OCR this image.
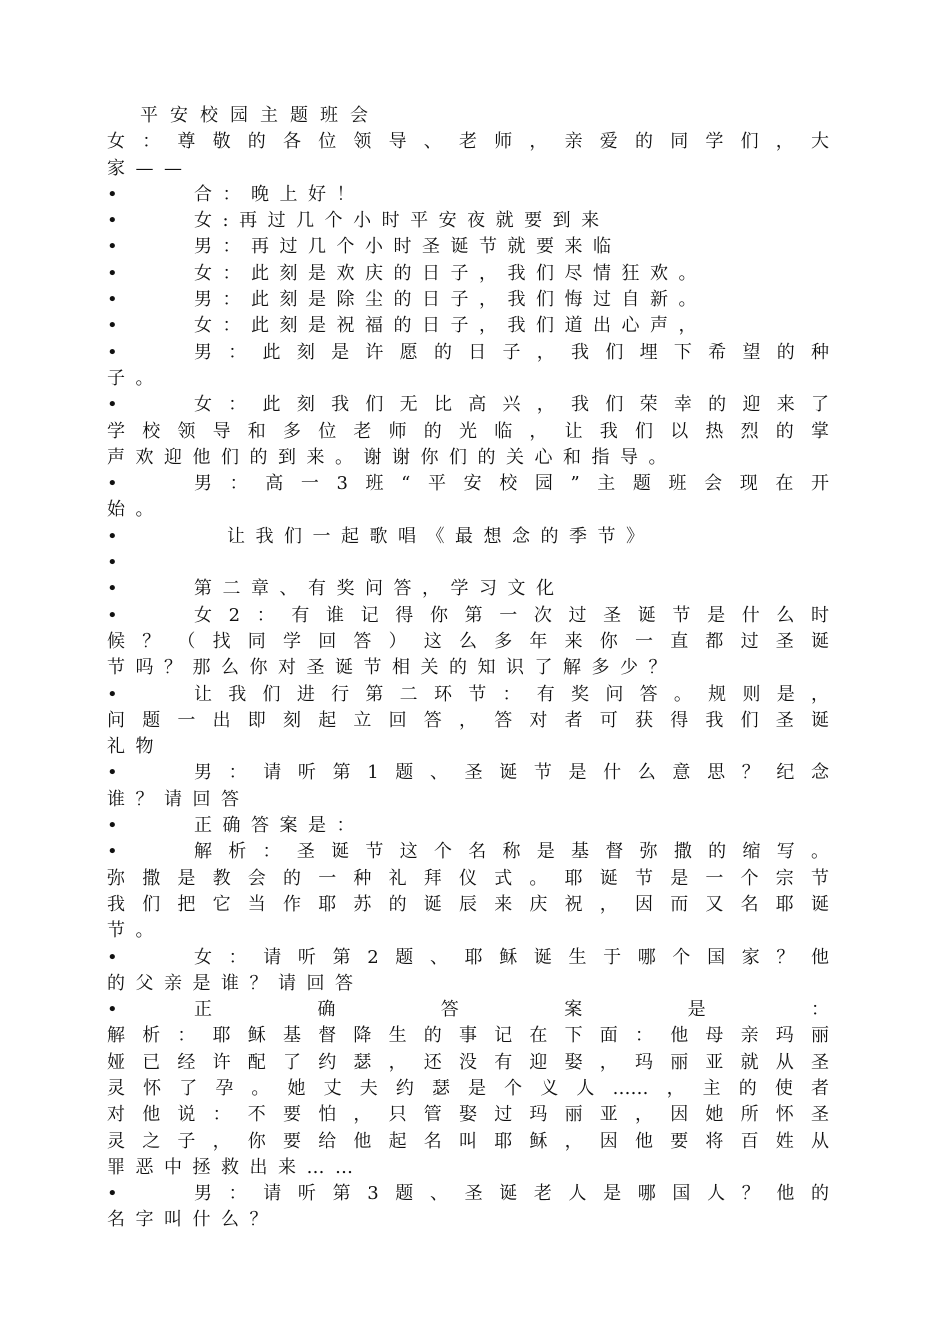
平安校园主题班会
女：尊敬的各位领导、老师，亲爱的同学们，大
家——
•	合：晚上好！
•	女:再过几个小时平安夜就要到来
•	男：再过几个小时圣诞节就要来临
•	女：此刻是欢庆的日子，我们尽情狂欢。
•	男：此刻是除尘的日子，我们悔过自新。
•	女：此刻是祝福的日子，我们道出心声，
•	男：此刻是许愿的日子，我们埋下希望的种
子。
•	女：此刻我们无比高兴，我们荣幸的迎来了
学校领导和多位老师的光临，让我们以热烈的掌
声欢迎他们的到来。谢谢你们的关心和指导。
•	男：高一3班“平安校园”主题班会现在开
始。
•	让我们一起歌唱《最想念的季节》
•

•	第二章、有奖问答，学习文化
•	女2：有谁记得你第一次过圣诞节是什么时
候？（找同学回答）这么多年来你一直都过圣诞
节吗？那么你对圣诞节相关的知识了解多少？
•	让我们进行第二环节：有奖问答。规则是，
问题一出即刻起立回答，答对者可获得我们圣诞
礼物
•	男：请听第1题、圣诞节是什么意思？纪念
谁？请回答
•	正确答案是：
•	解析：圣诞节这个名称是基督弥撒的缩写。
弥撒是教会的一种礼拜仪式。耶诞节是一个宗节
我们把它当作耶苏的诞辰来庆祝，因而又名耶诞
节。
•	女：请听第2题、耶稣诞生于哪个国家？他
的父亲是谁？请回答
•	正确答案是：
解析：耶稣基督降生的事记在下面：他母亲玛丽
娅已经许配了约瑟，还没有迎娶，玛丽亚就从圣
灵怀了孕。她丈夫约瑟是个义人……，主的使者
对他说：不要怕，只管娶过玛丽亚，因她所怀圣
灵之子，你要给他起名叫耶稣，因他要将百姓从
罪恶中拯救出来……
•	男：请听第3题、圣诞老人是哪国人？他的
名字叫什么？
